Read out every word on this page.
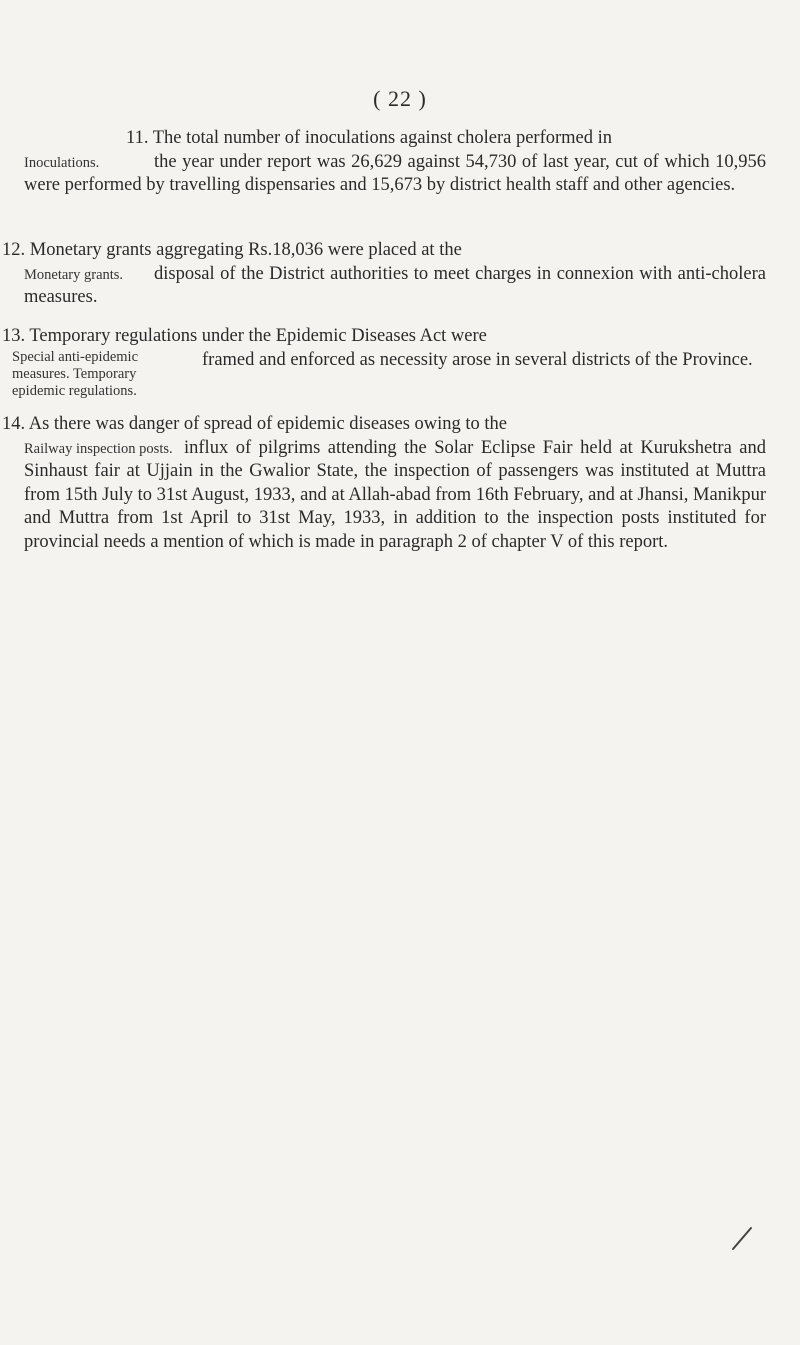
( 22 )

11. The total number of inoculations against cholera performed in

Inoculations.	the year under report was 26,629 against 54,730 of last year, cut of which 10,956 were performed by travelling dispensaries and 15,673 by district health staff and other agencies.

12. Monetary grants aggregating Rs.18,036 were placed at the

Monetary grants.	disposal of the District authorities to meet charges in connexion with anti-cholera measures.

13. Temporary regulations under the Epidemic Diseases Act were

Special anti-epidemic measures. Temporary epidemic regulations.

framed and enforced as necessity arose in several districts of the Province.

14. As there was danger of spread of epidemic diseases owing to the

Railway inspection posts. influx of pilgrims attending the Solar Eclipse Fair held at Kurukshetra and Sinhaust fair at Ujjain in the Gwalior State, the inspection of passengers was instituted at Muttra from 15th July to 31st August, 1933, and at Allah-abad from 16th February, and at Jhansi, Manikpur and Muttra from 1st April to 31st May, 1933, in addition to the inspection posts instituted for provincial needs a mention of which is made in paragraph 2 of chapter V of this report.
